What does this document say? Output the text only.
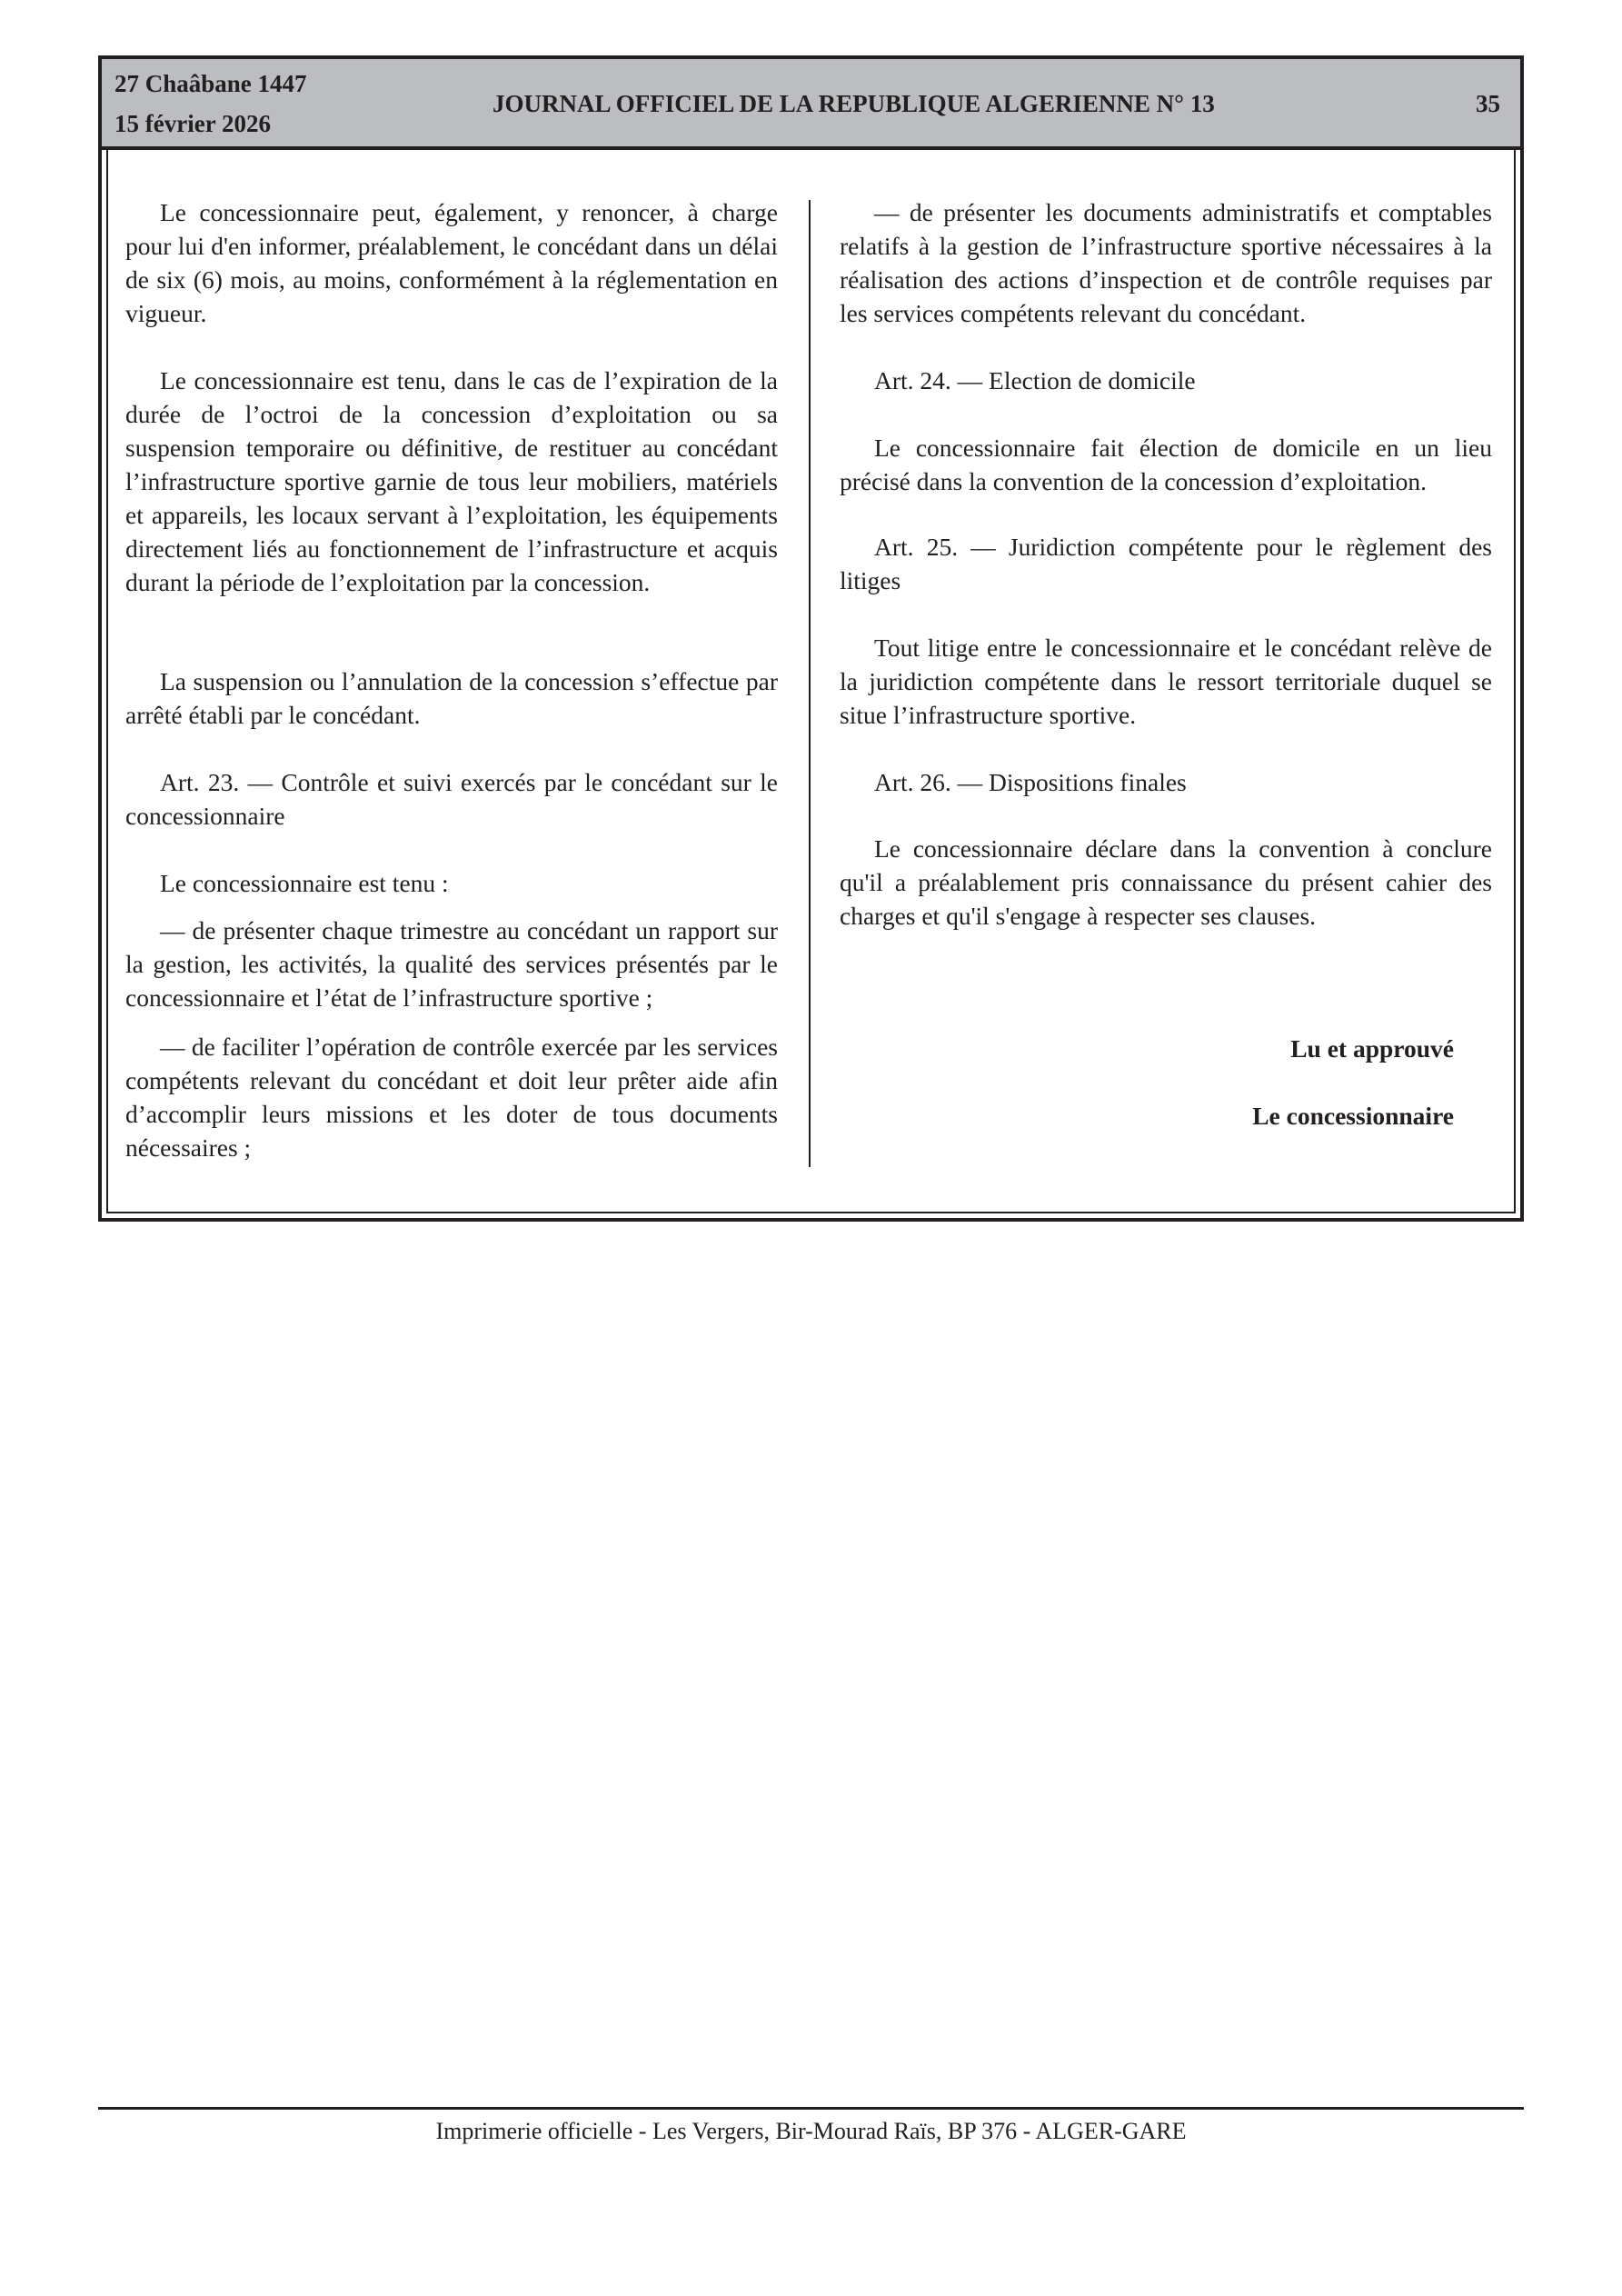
27 Chaâbane 1447
15 février 2026
JOURNAL OFFICIEL DE LA REPUBLIQUE ALGERIENNE N° 13	35

Le concessionnaire peut, également, y renoncer, à charge pour lui d'en informer, préalablement, le concédant dans un délai de six (6) mois, au moins, conformément à la réglementation en vigueur.

Le concessionnaire est tenu, dans le cas de l’expiration de la durée de l’octroi de la concession d’exploitation ou sa suspension temporaire ou définitive, de restituer au concédant l’infrastructure sportive garnie de tous leur mobiliers, matériels et appareils, les locaux servant à l’exploitation, les équipements directement liés au fonctionnement de l’infrastructure et acquis durant la période de l’exploitation par la concession.

La suspension ou l’annulation de la concession s’effectue par arrêté établi par le concédant.

Art. 23. — Contrôle et suivi exercés par le concédant sur le concessionnaire

Le concessionnaire est tenu :

— de présenter chaque trimestre au concédant un rapport sur la gestion, les activités, la qualité des services présentés par le concessionnaire et l’état de l’infrastructure sportive ;

— de faciliter l’opération de contrôle exercée par les services compétents relevant du concédant et doit leur prêter aide afin d’accomplir leurs missions et les doter de tous documents nécessaires ;

— de présenter les documents administratifs et comptables relatifs à la gestion de l’infrastructure sportive nécessaires à la réalisation des actions d’inspection et de contrôle requises par les services compétents relevant du concédant.

Art. 24. — Election de domicile

Le concessionnaire fait élection de domicile en un lieu précisé dans la convention de la concession d’exploitation.

Art. 25. — Juridiction compétente pour le règlement des litiges

Tout litige entre le concessionnaire et le concédant relève de la juridiction compétente dans le ressort territoriale duquel se situe l’infrastructure sportive.

Art. 26. — Dispositions finales

Le concessionnaire déclare dans la convention à conclure qu'il a préalablement pris connaissance du présent cahier des charges et qu'il s'engage à respecter ses clauses.

Lu et approuvé

Le concessionnaire

Imprimerie officielle - Les Vergers, Bir-Mourad Raïs, BP 376 - ALGER-GARE
